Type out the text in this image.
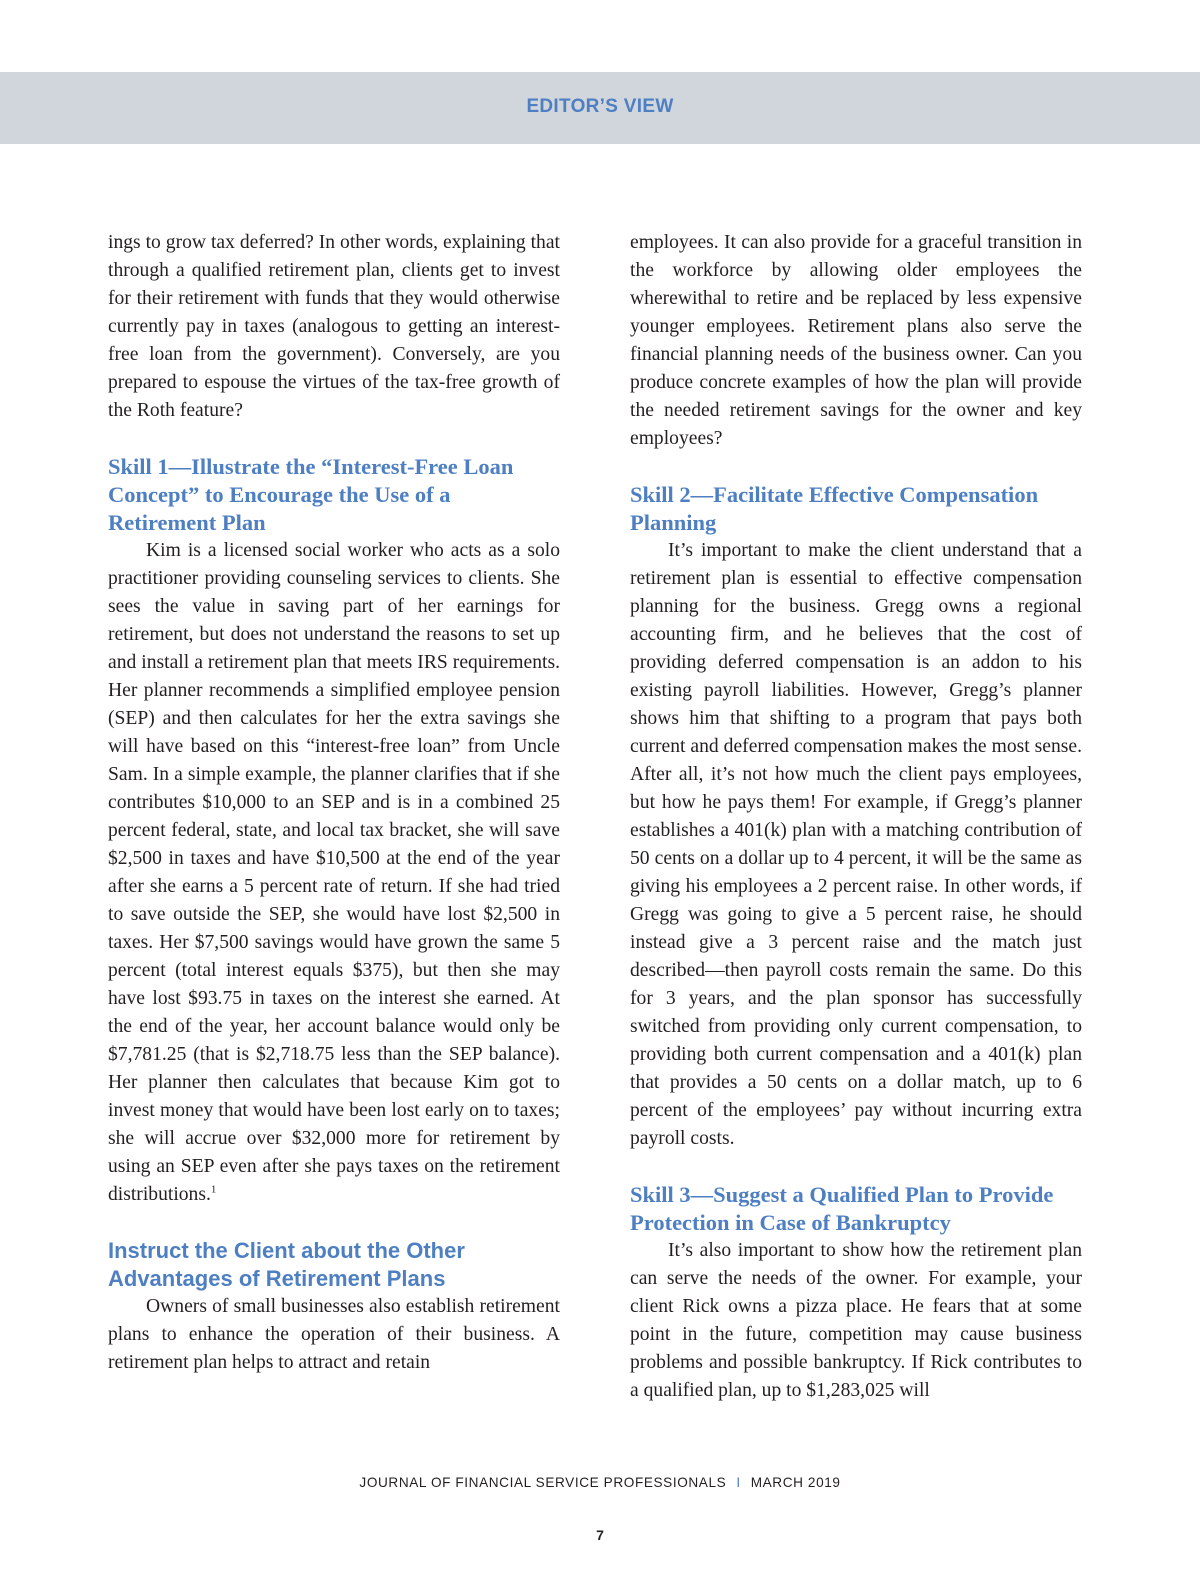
EDITOR’S VIEW

ings to grow tax deferred? In other words, explaining that through a qualified retirement plan, clients get to invest for their retirement with funds that they would otherwise currently pay in taxes (analogous to getting an interest-free loan from the government). Conversely, are you prepared to espouse the virtues of the tax-free growth of the Roth feature?

Skill 1—Illustrate the “Interest-Free Loan Concept” to Encourage the Use of a Retirement Plan

Kim is a licensed social worker who acts as a solo practitioner providing counseling services to clients. She sees the value in saving part of her earnings for retirement, but does not understand the reasons to set up and install a retirement plan that meets IRS requirements. Her planner recommends a simplified employee pension (SEP) and then calculates for her the extra savings she will have based on this “interest-free loan” from Uncle Sam. In a simple example, the planner clarifies that if she contributes $10,000 to an SEP and is in a combined 25 percent federal, state, and local tax bracket, she will save $2,500 in taxes and have $10,500 at the end of the year after she earns a 5 percent rate of return. If she had tried to save outside the SEP, she would have lost $2,500 in taxes. Her $7,500 savings would have grown the same 5 percent (total interest equals $375), but then she may have lost $93.75 in taxes on the interest she earned. At the end of the year, her account balance would only be $7,781.25 (that is $2,718.75 less than the SEP balance). Her planner then calculates that because Kim got to invest money that would have been lost early on to taxes; she will accrue over $32,000 more for retirement by using an SEP even after she pays taxes on the retirement distributions.$^1$

Instruct the Client about the Other Advantages of Retirement Plans

Owners of small businesses also establish retirement plans to enhance the operation of their business. A retirement plan helps to attract and retain

employees. It can also provide for a graceful transition in the workforce by allowing older employees the wherewithal to retire and be replaced by less expensive younger employees. Retirement plans also serve the financial planning needs of the business owner. Can you produce concrete examples of how the plan will provide the needed retirement savings for the owner and key employees?

Skill 2—Facilitate Effective Compensation Planning

It’s important to make the client understand that a retirement plan is essential to effective compensation planning for the business. Gregg owns a regional accounting firm, and he believes that the cost of providing deferred compensation is an addon to his existing payroll liabilities. However, Gregg’s planner shows him that shifting to a program that pays both current and deferred compensation makes the most sense. After all, it’s not how much the client pays employees, but how he pays them! For example, if Gregg’s planner establishes a 401(k) plan with a matching contribution of 50 cents on a dollar up to 4 percent, it will be the same as giving his employees a 2 percent raise. In other words, if Gregg was going to give a 5 percent raise, he should instead give a 3 percent raise and the match just described—then payroll costs remain the same. Do this for 3 years, and the plan sponsor has successfully switched from providing only current compensation, to providing both current compensation and a 401(k) plan that provides a 50 cents on a dollar match, up to 6 percent of the employees’ pay without incurring extra payroll costs.

Skill 3—Suggest a Qualified Plan to Provide Protection in Case of Bankruptcy

It’s also important to show how the retirement plan can serve the needs of the owner. For example, your client Rick owns a pizza place. He fears that at some point in the future, competition may cause business problems and possible bankruptcy. If Rick contributes to a qualified plan, up to $1,283,025 will

JOURNAL OF FINANCIAL SERVICE PROFESSIONALS I MARCH 2019
7
